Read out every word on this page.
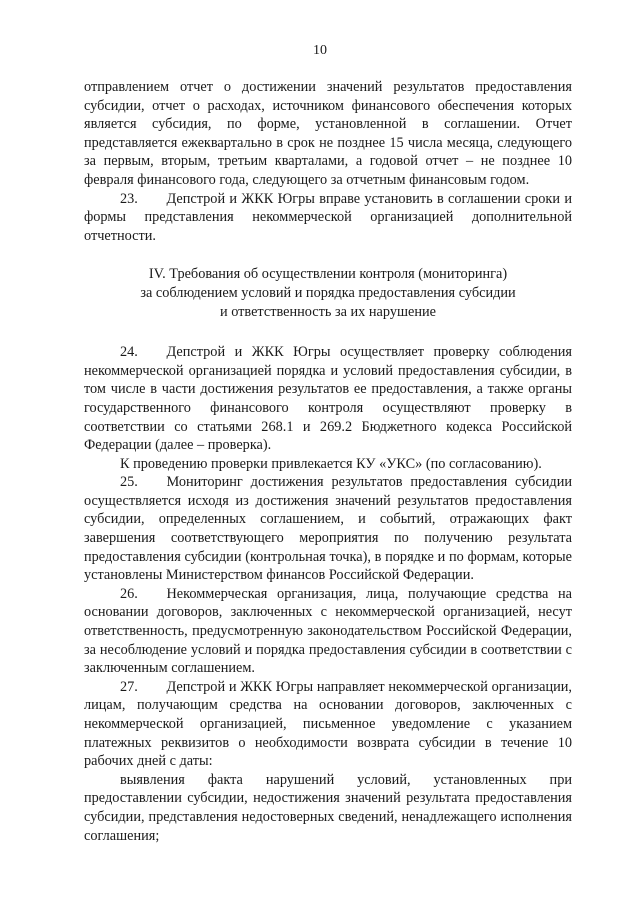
10

отправлением отчет о достижении значений результатов предоставления субсидии, отчет о расходах, источником финансового обеспечения которых является субсидия, по форме, установленной в соглашении. Отчет представляется ежеквартально в срок не позднее 15 числа месяца, следующего за первым, вторым, третьим кварталами, а годовой отчет – не позднее 10 февраля финансового года, следующего за отчетным финансовым годом.

23.  Депстрой и ЖКК Югры вправе установить в соглашении сроки и формы представления некоммерческой организацией дополнительной отчетности.

IV. Требования об осуществлении контроля (мониторинга)
за соблюдением условий и порядка предоставления субсидии
и ответственность за их нарушение

24.  Депстрой и ЖКК Югры осуществляет проверку соблюдения некоммерческой организацией порядка и условий предоставления субсидии, в том числе в части достижения результатов ее предоставления, а также органы государственного финансового контроля осуществляют проверку в соответствии со статьями 268.1 и 269.2 Бюджетного кодекса Российской Федерации (далее – проверка).

К проведению проверки привлекается КУ «УКС» (по согласованию).

25.  Мониторинг достижения результатов предоставления субсидии осуществляется исходя из достижения значений результатов предоставления субсидии, определенных соглашением, и событий, отражающих факт завершения соответствующего мероприятия по получению результата предоставления субсидии (контрольная точка), в порядке и по формам, которые установлены Министерством финансов Российской Федерации.

26.  Некоммерческая организация, лица, получающие средства на основании договоров, заключенных с некоммерческой организацией, несут ответственность, предусмотренную законодательством Российской Федерации, за несоблюдение условий и порядка предоставления субсидии в соответствии с заключенным соглашением.

27.  Депстрой и ЖКК Югры направляет некоммерческой организации, лицам, получающим средства на основании договоров, заключенных с некоммерческой организацией, письменное уведомление с указанием платежных реквизитов о необходимости возврата субсидии в течение 10 рабочих дней с даты:

выявления факта нарушений условий, установленных при предоставлении субсидии, недостижения значений результата предоставления субсидии, представления недостоверных сведений, ненадлежащего исполнения соглашения;
